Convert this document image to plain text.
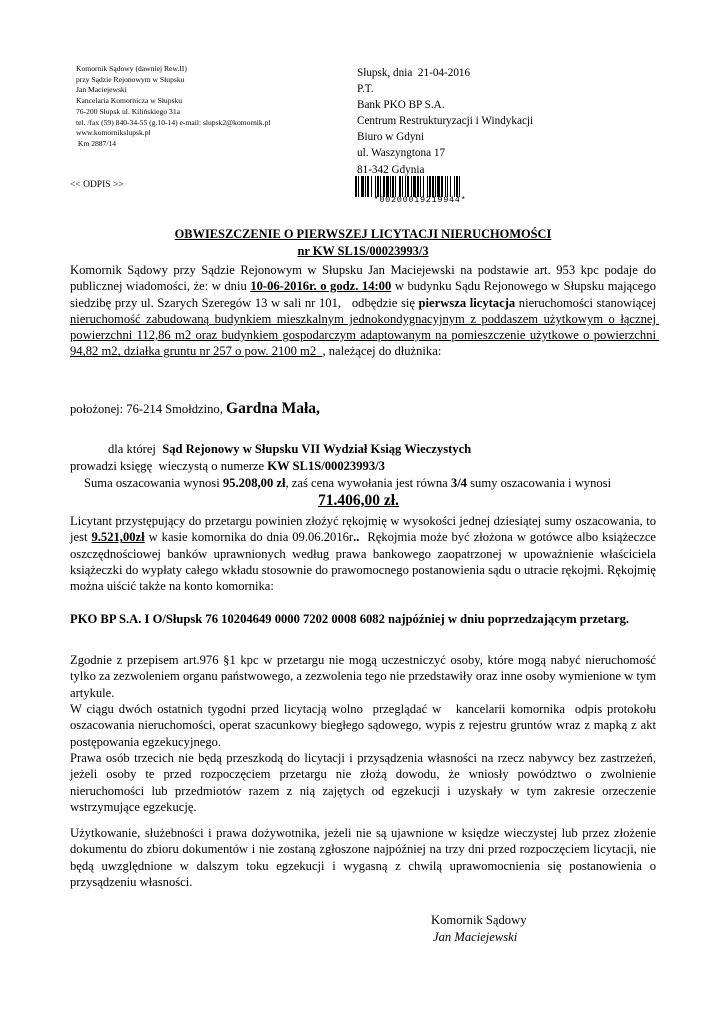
Komornik Sądowy (dawniej Rew.II)
przy Sądzie Rejonowym w Słupsku
Jan Maciejewski
Kancelaria Komornicza w Słupsku
76-200 Słupsk ul. Kilińskiego 31a
tel. /fax (59) 840-34-55 (g.10-14) e-mail: slupsk2@komornik.pl
www.komornikslupsk.pl
Km 2887/14
Słupsk, dnia  21-04-2016
P.T.
Bank PKO BP S.A.
Centrum Restrukturyzacji i Windykacji
Biuro w Gdyni
ul. Waszyngtona 17
81-342 Gdynia
<< ODPIS >>
*00200019219944*
OBWIESZCZENIE O PIERWSZEJ LICYTACJI NIERUCHOMOŚCI
nr KW SL1S/00023993/3
Komornik Sądowy przy Sądzie Rejonowym w Słupsku Jan Maciejewski na podstawie art. 953 kpc podaje do publicznej wiadomości, że: w dniu 10-06-2016r. o godz. 14:00 w budynku Sądu Rejonowego w Słupsku mającego siedzibę przy ul. Szarych Szeregów 13 w sali nr 101,   odbędzie się pierwsza licytacja nieruchomości stanowiącej nieruchomość zabudowaną budynkiem mieszkalnym jednokondygnacyjnym z poddaszem użytkowym o łącznej powierzchni 112,86 m2 oraz budynkiem gospodarczym adaptowanym na pomieszczenie użytkowe o powierzchni 94,82 m2, działka gruntu nr 257 o pow. 2100 m2  , należącej do dłużnika:
położonej: 76-214 Smołdzino, Gardna Mała,
dla której  Sąd Rejonowy w Słupsku VII Wydział Ksiąg Wieczystych
prowadzi księgę  wieczystą o numerze KW SL1S/00023993/3
Suma oszacowania wynosi 95.208,00 zł, zaś cena wywołania jest równa 3/4 sumy oszacowania i wynosi
71.406,00 zł.
Licytant przystępujący do przetargu powinien złożyć rękojmię w wysokości jednej dziesiątej sumy oszacowania, to jest 9.521,00zł w kasie komornika do dnia 09.06.2016r..  Rękojmia może być złożona w gotówce albo książeczce oszczędnościowej banków uprawnionych według prawa bankowego zaopatrzonej w upoważnienie właściciela książeczki do wypłaty całego wkładu stosownie do prawomocnego postanowienia sądu o utracie rękojmi. Rękojmię można uiścić także na konto komornika:
PKO BP S.A. I O/Słupsk 76 10204649 0000 7202 0008 6082 najpóźniej w dniu poprzedzającym przetarg.
Zgodnie z przepisem art.976 §1 kpc w przetargu nie mogą uczestniczyć osoby, które mogą nabyć nieruchomość tylko za zezwoleniem organu państwowego, a zezwolenia tego nie przedstawiły oraz inne osoby wymienione w tym artykule.
W ciągu dwóch ostatnich tygodni przed licytacją wolno  przeglądać w   kancelarii komornika  odpis protokołu oszacowania nieruchomości, operat szacunkowy biegłego sądowego, wypis z rejestru gruntów wraz z mapką z akt postępowania egzekucyjnego.
Prawa osób trzecich nie będą przeszkodą do licytacji i przysądzenia własności na rzecz nabywcy bez zastrzeżeń, jeżeli osoby te przed rozpoczęciem przetargu nie złożą dowodu, że wniosły powództwo o zwolnienie nieruchomości lub przedmiotów razem z nią zajętych od egzekucji i uzyskały w tym zakresie orzeczenie wstrzymujące egzekucję.
Użytkowanie, służebności i prawa dożywotnika, jeżeli nie są ujawnione w księdze wieczystej lub przez złożenie dokumentu do zbioru dokumentów i nie zostaną zgłoszone najpóźniej na trzy dni przed rozpoczęciem licytacji, nie będą uwzględnione w dalszym toku egzekucji i wygasną z chwilą uprawomocnienia się postanowienia o przysądzeniu własności.
Komornik Sądowy
Jan Maciejewski
